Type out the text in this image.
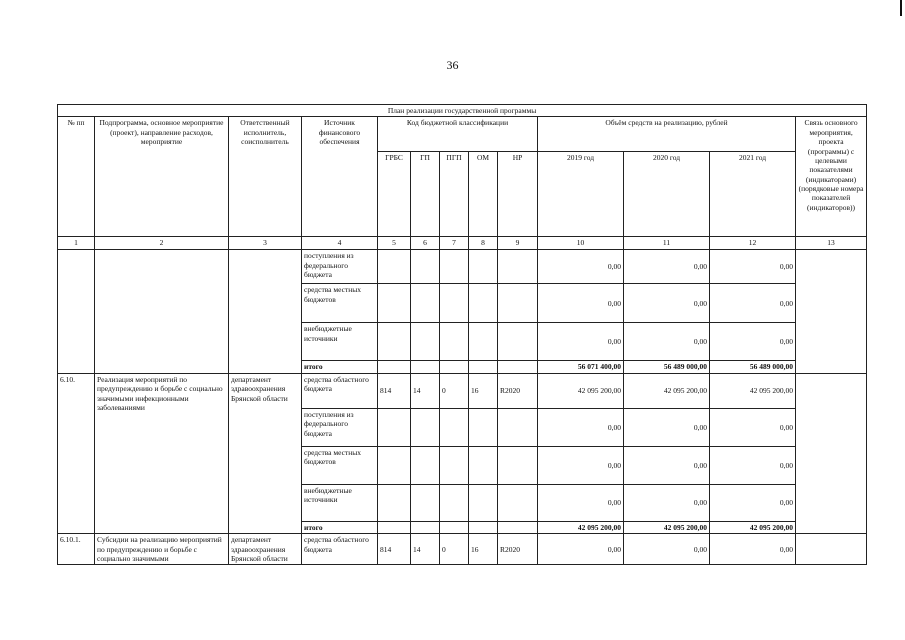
36
План реализации государственной программы												
№ пп	Подпрограмма, основное мероприятие (проект), направление расходов, мероприятие	Ответственный исполнитель, соисполнитель	Источник финансового обеспечения	Код бюджетной классификации					Объём средств на реализацию, рублей			Связь основного мероприятия, проекта (программы) с целевыми показателями (индикаторами) (порядковые номера показателей (индикаторов))
				ГРБС	ГП	ПГП	ОМ	НР	2019 год	2020 год	2021 год	
1	2	3	4	5	6	7	8	9	10	11	12	13
			поступления из федерального бюджета						0,00	0,00	0,00	
			средства местных бюджетов						0,00	0,00	0,00	
			внебюджетные источники						0,00	0,00	0,00	
			итого						56 071 400,00	56 489 000,00	56 489 000,00	
6.10.	Реализация мероприятий по предупреждению и борьбе с социально значимыми инфекционными заболеваниями	департамент здравоохранения Брянской области	средства областного бюджета	814	14	0	16	R2020	42 095 200,00	42 095 200,00	42 095 200,00	
			поступления из федерального бюджета						0,00	0,00	0,00	
			средства местных бюджетов						0,00	0,00	0,00	
			внебюджетные источники						0,00	0,00	0,00	
			итого						42 095 200,00	42 095 200,00	42 095 200,00	
6.10.1.	Субсидии на реализацию мероприятий по предупреждению и борьбе с социально значимыми	департамент здравоохранения Брянской области	средства областного бюджета	814	14	0	16	R2020	0,00	0,00	0,00	
